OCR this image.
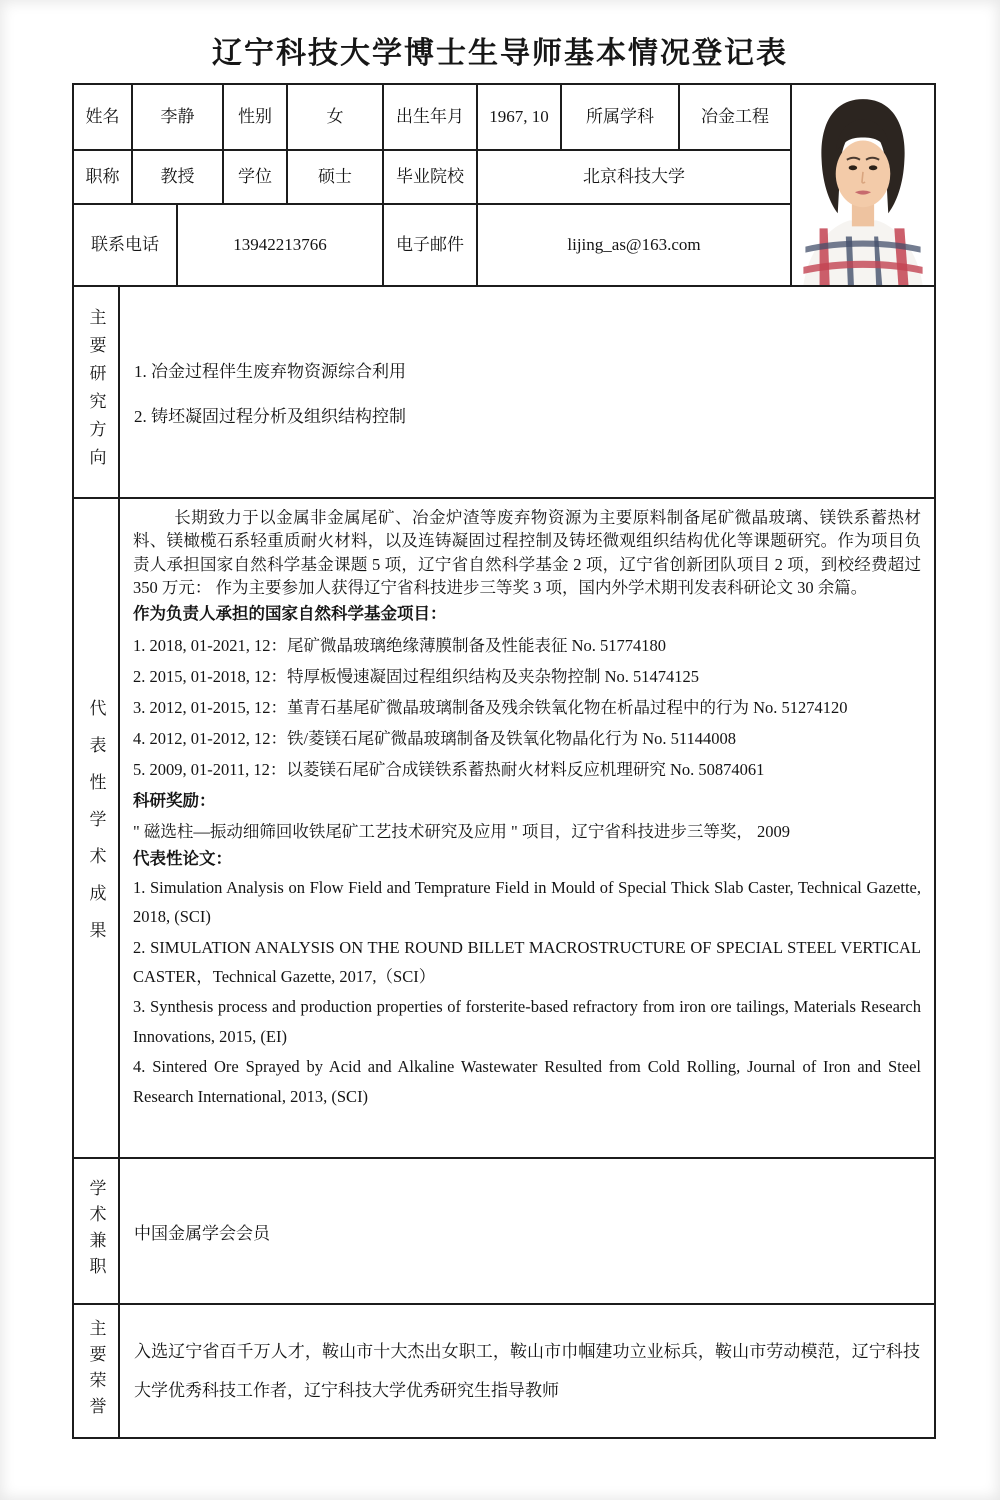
辽宁科技大学博士生导师基本情况登记表
姓名	李静	性别	女	出生年月	1967, 10	所属学科	冶金工程
职称	教授	学位	硕士	毕业院校	北京科技大学
联系电话	13942213766	电子邮件	lijing_as@163.com
主要研究方向	1. 冶金过程伴生废弃物资源综合利用
2. 铸坯凝固过程分析及组织结构控制
代表性学术成果
长期致力于以金属非金属尾矿、冶金炉渣等废弃物资源为主要原料制备尾矿微晶玻璃、镁铁系蓄热材料、镁橄榄石系轻重质耐火材料，以及连铸凝固过程控制及铸坯微观组织结构优化等课题研究。作为项目负责人承担国家自然科学基金课题 5 项，辽宁省自然科学基金 2 项，辽宁省创新团队项目 2 项，到校经费超过 350 万元： 作为主要参加人获得辽宁省科技进步三等奖 3 项，国内外学术期刊发表科研论文 30 余篇。
作为负责人承担的国家自然科学基金项目：
1. 2018, 01-2021, 12：尾矿微晶玻璃绝缘薄膜制备及性能表征 No. 51774180
2. 2015, 01-2018, 12：特厚板慢速凝固过程组织结构及夹杂物控制 No. 51474125
3. 2012, 01-2015, 12：堇青石基尾矿微晶玻璃制备及残余铁氧化物在析晶过程中的行为 No. 51274120
4. 2012, 01-2012, 12：铁/菱镁石尾矿微晶玻璃制备及铁氧化物晶化行为 No. 51144008
5. 2009, 01-2011, 12：以菱镁石尾矿合成镁铁系蓄热耐火材料反应机理研究 No. 50874061
科研奖励：
" 磁选柱—振动细筛回收铁尾矿工艺技术研究及应用 " 项目，辽宁省科技进步三等奖， 2009
代表性论文：
1. Simulation Analysis on Flow Field and Temprature Field in Mould of Special Thick Slab Caster, Technical Gazette, 2018, (SCI)
2. SIMULATION ANALYSIS ON THE ROUND BILLET MACROSTRUCTURE OF SPECIAL STEEL VERTICAL CASTER，Technical Gazette, 2017,（SCI）
3. Synthesis process and production properties of forsterite-based refractory from iron ore tailings, Materials Research Innovations, 2015, (EI)
4. Sintered Ore Sprayed by Acid and Alkaline Wastewater Resulted from Cold Rolling, Journal of Iron and Steel Research International, 2013, (SCI)
学术兼职	中国金属学会会员
主要荣誉	入选辽宁省百千万人才，鞍山市十大杰出女职工，鞍山市巾帼建功立业标兵，鞍山市劳动模范，辽宁科技大学优秀科技工作者，辽宁科技大学优秀研究生指导教师
